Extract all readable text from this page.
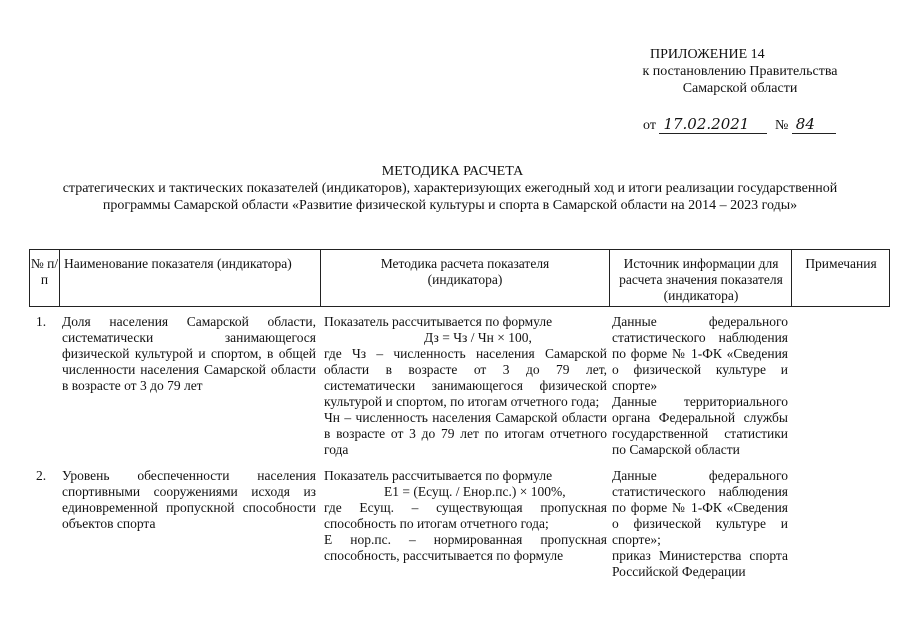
ПРИЛОЖЕНИЕ 14
к постановлению Правительства
Самарской области
от 17.02.2021 № 84
МЕТОДИКА РАСЧЕТА
стратегических и тактических показателей (индикаторов), характеризующих ежегодный ход и итоги реализации государственной программы Самарской области «Развитие физической культуры и спорта в Самарской области на 2014 – 2023 годы»
№ п/п
Наименование показателя (индикатора)	Методика расчета показателя (индикатора)
Источник информации для расчета значения показателя (индикатора)
Примечания
1. Доля населения Самарской области, систематически занимающегося физической культурой и спортом, в общей численности населения Самарской области в возрасте от 3 до 79 лет
Показатель рассчитывается по формуле
Дз = Чз / Чн × 100,
где Чз – численность населения Самарской области в возрасте от 3 до 79 лет, систематически занимающегося физической культурой и спортом, по итогам отчетного года;
Чн – численность населения Самарской области в возрасте от 3 до 79 лет по итогам отчетного года
Данные федерального статистического наблюдения по форме № 1-ФК «Сведения о физической культуре и спорте»
Данные территориального органа Федеральной службы государственной статистики по Самарской области
2. Уровень обеспеченности населения спортивными сооружениями исходя из единовременной пропускной способности объектов спорта
Показатель рассчитывается по формуле
E1 = (Eсущ. / Eнор.пс.) × 100%,
где Eсущ. – существующая пропускная способность по итогам отчетного года;
E нор.пс. – нормированная пропускная способность, рассчитывается по формуле
Данные федерального статистического наблюдения по форме № 1-ФК «Сведения о физической культуре и спорте»;
приказ Министерства спорта Российской Федерации
